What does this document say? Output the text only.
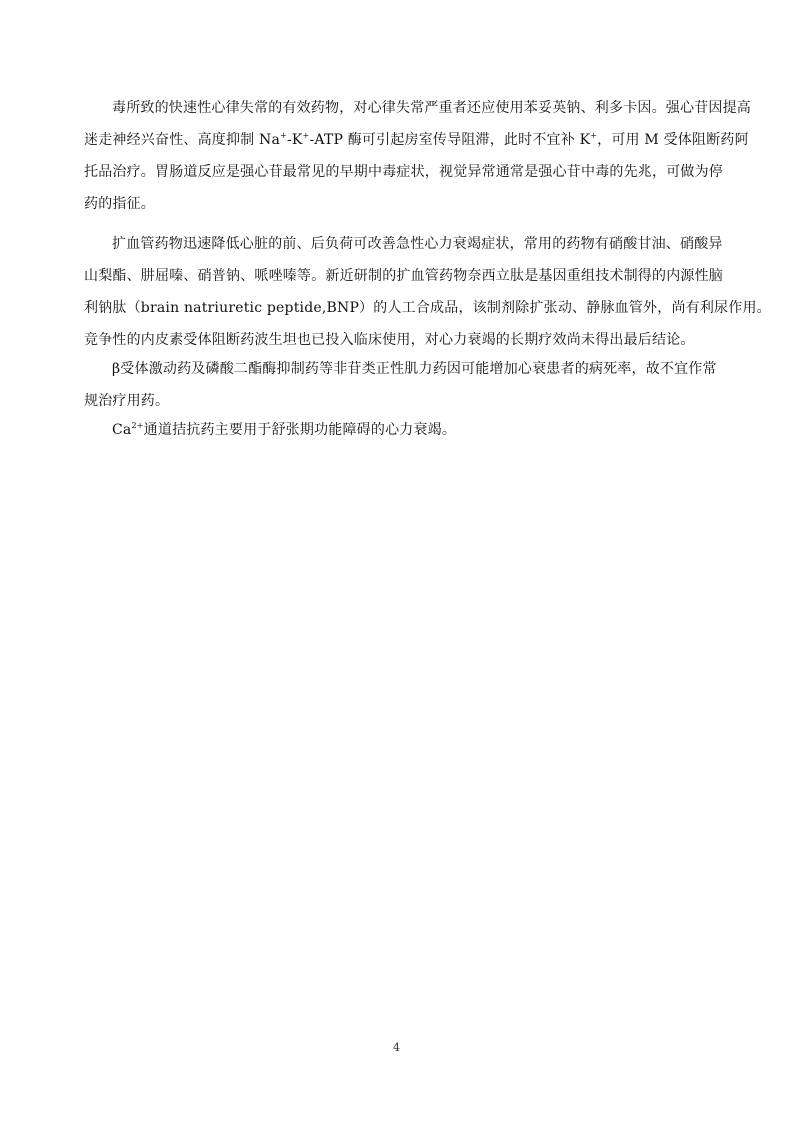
毒所致的快速性心律失常的有效药物，对心律失常严重者还应使用苯妥英钠、利多卡因。强心苷因提高
迷走神经兴奋性、高度抑制 Na+-K+-ATP 酶可引起房室传导阻滞，此时不宜补 K+，可用 M 受体阻断药阿
托品治疗。胃肠道反应是强心苷最常见的早期中毒症状，视觉异常通常是强心苷中毒的先兆，可做为停
药的指征。
扩血管药物迅速降低心脏的前、后负荷可改善急性心力衰竭症状，常用的药物有硝酸甘油、硝酸异
山梨酯、肼屈嗪、硝普钠、哌唑嗪等。新近研制的扩血管药物奈西立肽是基因重组技术制得的内源性脑
利钠肽（brain natriuretic peptide,BNP）的人工合成品，该制剂除扩张动、静脉血管外，尚有利尿作用。
竞争性的内皮素受体阻断药波生坦也已投入临床使用，对心力衰竭的长期疗效尚未得出最后结论。
β受体激动药及磷酸二酯酶抑制药等非苷类正性肌力药因可能增加心衰患者的病死率，故不宜作常
规治疗用药。
$Ca^{2+}$通道拮抗药主要用于舒张期功能障碍的心力衰竭。
4
